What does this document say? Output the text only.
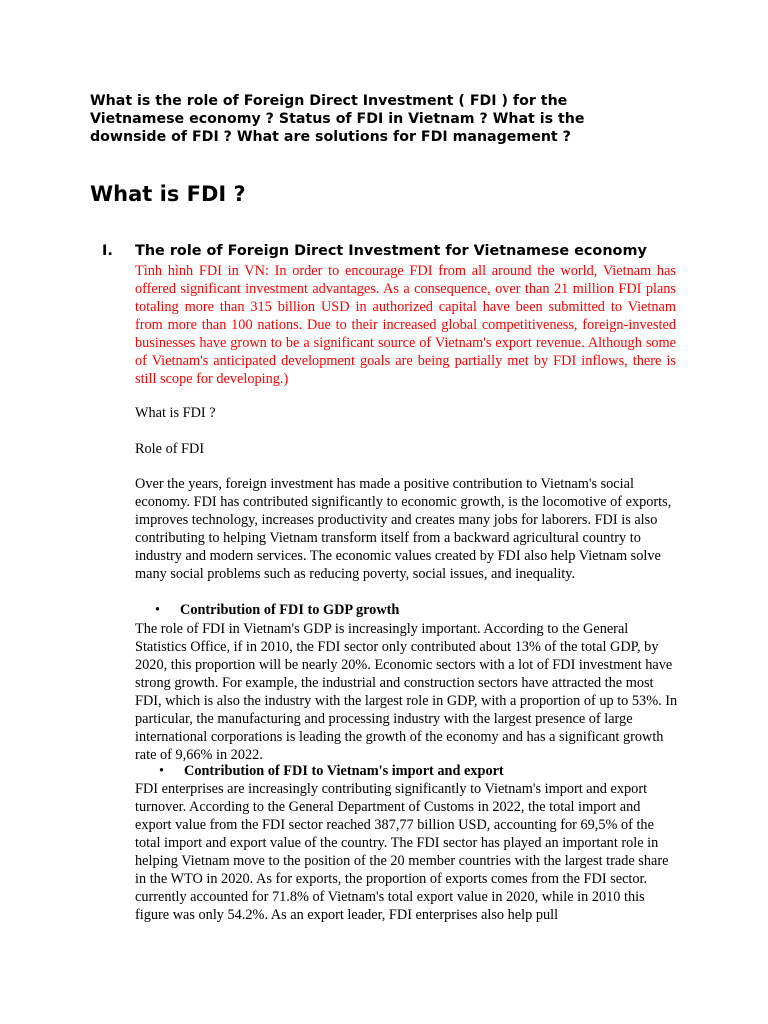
What is the role of Foreign Direct Investment ( FDI ) for the Vietnamese economy ? Status of FDI in Vietnam ? What is the downside of FDI ? What are solutions for FDI management ?

What is FDI ?
I. The role of Foreign Direct Investment for Vietnamese economy

Tình hình FDI in VN: In order to encourage FDI from all around the world, Vietnam has offered significant investment advantages. As a consequence, over than 21 million FDI plans totaling more than 315 billion USD in authorized capital have been submitted to Vietnam from more than 100 nations. Due to their increased global competitiveness, foreign-invested businesses have grown to be a significant source of Vietnam's export revenue. Although some of Vietnam's anticipated development goals are being partially met by FDI inflows, there is still scope for developing.)

What is FDI ?

Role of FDI

Over the years, foreign investment has made a positive contribution to Vietnam's social economy. FDI has contributed significantly to economic growth, is the locomotive of exports, improves technology, increases productivity and creates many jobs for laborers. FDI is also contributing to helping Vietnam transform itself from a backward agricultural country to industry and modern services. The economic values created by FDI also help Vietnam solve many social problems such as reducing poverty, social issues, and inequality.

• Contribution of FDI to GDP growth

The role of FDI in Vietnam's GDP is increasingly important. According to the General Statistics Office, if in 2010, the FDI sector only contributed about 13% of the total GDP, by 2020, this proportion will be nearly 20%. Economic sectors with a lot of FDI investment have strong growth. For example, the industrial and construction sectors have attracted the most FDI, which is also the industry with the largest role in GDP, with a proportion of up to 53%. In particular, the manufacturing and processing industry with the largest presence of large international corporations is leading the growth of the economy and has a significant growth rate of 9,66% in 2022.

• Contribution of FDI to Vietnam's import and export

FDI enterprises are increasingly contributing significantly to Vietnam's import and export turnover. According to the General Department of Customs in 2022, the total import and export value from the FDI sector reached 387,77 billion USD, accounting for 69,5% of the total import and export value of the country. The FDI sector has played an important role in helping Vietnam move to the position of the 20 member countries with the largest trade share in the WTO in 2020. As for exports, the proportion of exports comes from the FDI sector. currently accounted for 71.8% of Vietnam's total export value in 2020, while in 2010 this figure was only 54.2%. As an export leader, FDI enterprises also help pull
